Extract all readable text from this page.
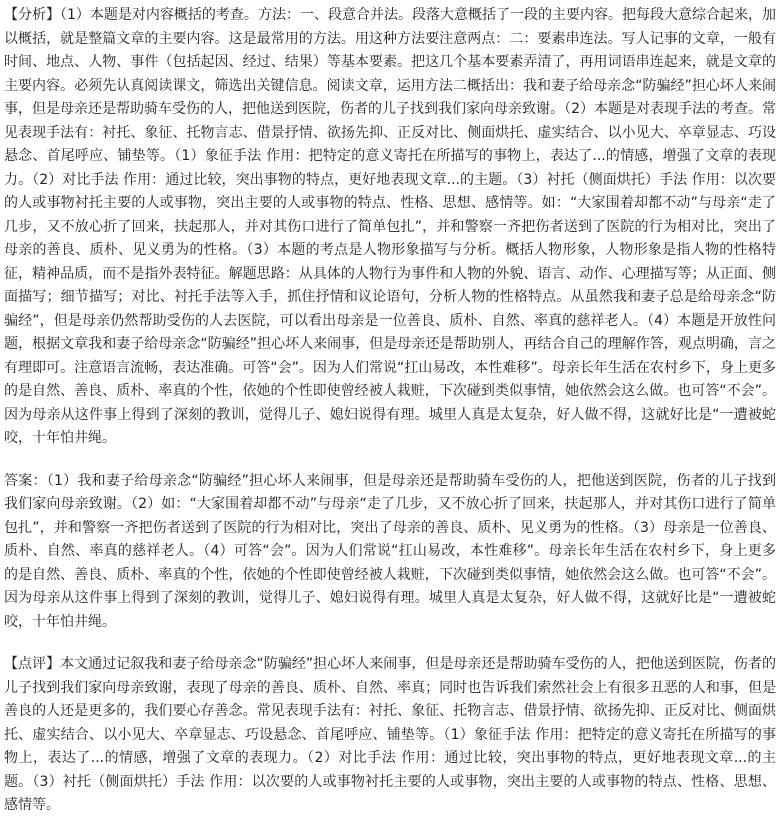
【分析】（1）本题是对内容概括的考查。方法：一、段意合并法。段落大意概括了一段的主要内容。把每段大意综合起来，加以概括，就是整篇文章的主要内容。这是最常用的方法。用这种方法要注意两点：二：要素串连法。写人记事的文章，一般有时间、地点、人物、事件（包括起因、经过、结果）等基本要素。把这几个基本要素弄清了，再用词语串连起来，就是文章的主要内容。必须先认真阅读课文，筛选出关键信息。阅读文章，运用方法二概括出：我和妻子给母亲念“防骗经”担心坏人来闹事，但是母亲还是帮助骑车受伤的人，把他送到医院，伤者的儿子找到我们家向母亲致谢。（2）本题是对表现手法的考查。常见表现手法有：衬托、象征、托物言志、借景抒情、欲扬先抑、正反对比、侧面烘托、虚实结合、以小见大、卒章显志、巧设悬念、首尾呼应、铺垫等。（1）象征手法 作用：把特定的意义寄托在所描写的事物上，表达了...的情感，增强了文章的表现力。（2）对比手法 作用：通过比较，突出事物的特点，更好地表现文章...的主题。（3）衬托（侧面烘托）手法 作用：以次要的人或事物衬托主要的人或事物，突出主要的人或事物的特点、性格、思想、感情等。如：“大家围着却都不动”与母亲“走了几步，又不放心折了回来，扶起那人，并对其伤口进行了简单包扎”，并和警察一齐把伤者送到了医院的行为相对比，突出了母亲的善良、质朴、见义勇为的性格。（3）本题的考点是人物形象描写与分析。概括人物形象，人物形象是指人物的性格特征，精神品质，而不是指外表特征。解题思路：从具体的人物行为事件和人物的外貌、语言、动作、心理描写等；从正面、侧面描写；细节描写；对比、衬托手法等入手，抓住抒情和议论语句，分析人物的性格特点。从虽然我和妻子总是给母亲念“防骗经”，但是母亲仍然帮助受伤的人去医院，可以看出母亲是一位善良、质朴、自然、率真的慈祥老人。（4）本题是开放性问题，根据文章我和妻子给母亲念“防骗经”担心坏人来闹事，但是母亲还是帮助别人，再结合自己的理解作答，观点明确，言之有理即可。注意语言流畅，表达准确。可答“会”。因为人们常说“扛山易改，本性难移”。母亲长年生活在农村乡下，身上更多的是自然、善良、质朴、率真的个性，依她的个性即使曾经被人栽赃，下次碰到类似事情，她依然会这么做。也可答“不会”。因为母亲从这件事上得到了深刻的教训，觉得儿子、媳妇说得有理。城里人真是太复杂，好人做不得，这就好比是“一遭被蛇咬，十年怕井绳。

答案：（1）我和妻子给母亲念“防骗经”担心坏人来闹事，但是母亲还是帮助骑车受伤的人，把他送到医院，伤者的儿子找到我们家向母亲致谢。（2）如：“大家围着却都不动”与母亲“走了几步，又不放心折了回来，扶起那人，并对其伤口进行了简单包扎”，并和警察一齐把伤者送到了医院的行为相对比，突出了母亲的善良、质朴、见义勇为的性格。（3）母亲是一位善良、质朴、自然、率真的慈祥老人。（4）可答“会”。因为人们常说“扛山易改，本性难移”。母亲长年生活在农村乡下，身上更多的是自然、善良、质朴、率真的个性，依她的个性即使曾经被人栽赃，下次碰到类似事情，她依然会这么做。也可答“不会”。因为母亲从这件事上得到了深刻的教训，觉得儿子、媳妇说得有理。城里人真是太复杂，好人做不得，这就好比是“一遭被蛇咬，十年怕井绳。

【点评】本文通过记叙我和妻子给母亲念“防骗经”担心坏人来闹事，但是母亲还是帮助骑车受伤的人，把他送到医院，伤者的儿子找到我们家向母亲致谢，表现了母亲的善良、质朴、自然、率真；同时也告诉我们索然社会上有很多丑恶的人和事，但是善良的人还是更多的，我们要心存善念。常见表现手法有：衬托、象征、托物言志、借景抒情、欲扬先抑、正反对比、侧面烘托、虚实结合、以小见大、卒章显志、巧设悬念、首尾呼应、铺垫等。（1）象征手法 作用：把特定的意义寄托在所描写的事物上，表达了...的情感，增强了文章的表现力。（2）对比手法 作用：通过比较，突出事物的特点，更好地表现文章...的主题。（3）衬托（侧面烘托）手法 作用：以次要的人或事物衬托主要的人或事物，突出主要的人或事物的特点、性格、思想、感情等。
